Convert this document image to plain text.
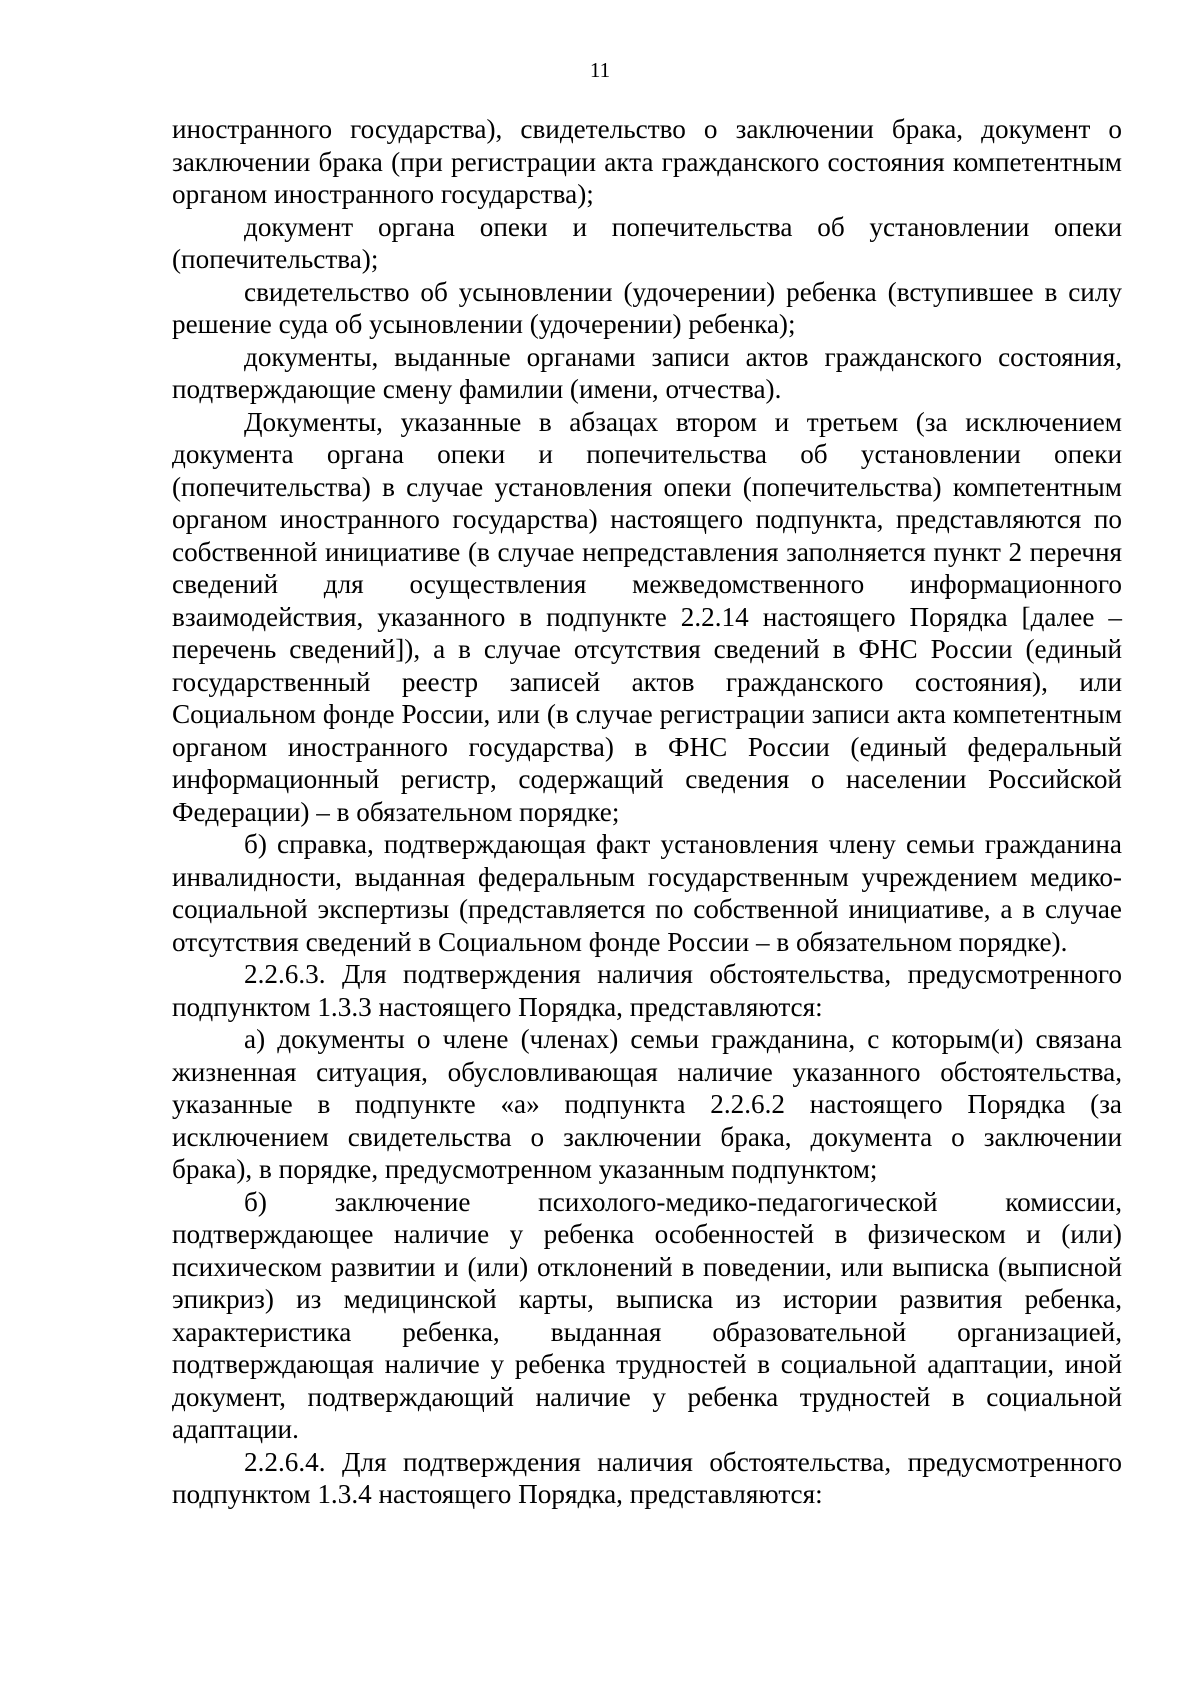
11

иностранного государства), свидетельство о заключении брака, документ о заключении брака (при регистрации акта гражданского состояния компетентным органом иностранного государства);

документ органа опеки и попечительства об установлении опеки (попечительства);

свидетельство об усыновлении (удочерении) ребенка (вступившее в силу решение суда об усыновлении (удочерении) ребенка);

документы, выданные органами записи актов гражданского состояния, подтверждающие смену фамилии (имени, отчества).

Документы, указанные в абзацах втором и третьем (за исключением документа органа опеки и попечительства об установлении опеки (попечительства) в случае установления опеки (попечительства) компетентным органом иностранного государства) настоящего подпункта, представляются по собственной инициативе (в случае непредставления заполняется пункт 2 перечня сведений для осуществления межведомственного информационного взаимодействия, указанного в подпункте 2.2.14 настоящего Порядка [далее – перечень сведений]), а в случае отсутствия сведений в ФНС России (единый государственный реестр записей актов гражданского состояния), или Социальном фонде России, или (в случае регистрации записи акта компетентным органом иностранного государства) в ФНС России (единый федеральный информационный регистр, содержащий сведения о населении Российской Федерации) – в обязательном порядке;

б) справка, подтверждающая факт установления члену семьи гражданина инвалидности, выданная федеральным государственным учреждением медико-социальной экспертизы (представляется по собственной инициативе, а в случае отсутствия сведений в Социальном фонде России – в обязательном порядке).

2.2.6.3. Для подтверждения наличия обстоятельства, предусмотренного подпунктом 1.3.3 настоящего Порядка, представляются:

а) документы о члене (членах) семьи гражданина, с которым(и) связана жизненная ситуация, обусловливающая наличие указанного обстоятельства, указанные в подпункте «а» подпункта 2.2.6.2 настоящего Порядка (за исключением свидетельства о заключении брака, документа о заключении брака), в порядке, предусмотренном указанным подпунктом;

б) заключение психолого-медико-педагогической комиссии, подтверждающее наличие у ребенка особенностей в физическом и (или) психическом развитии и (или) отклонений в поведении, или выписка (выписной эпикриз) из медицинской карты, выписка из истории развития ребенка, характеристика ребенка, выданная образовательной организацией, подтверждающая наличие у ребенка трудностей в социальной адаптации, иной документ, подтверждающий наличие у ребенка трудностей в социальной адаптации.

2.2.6.4. Для подтверждения наличия обстоятельства, предусмотренного подпунктом 1.3.4 настоящего Порядка, представляются:
